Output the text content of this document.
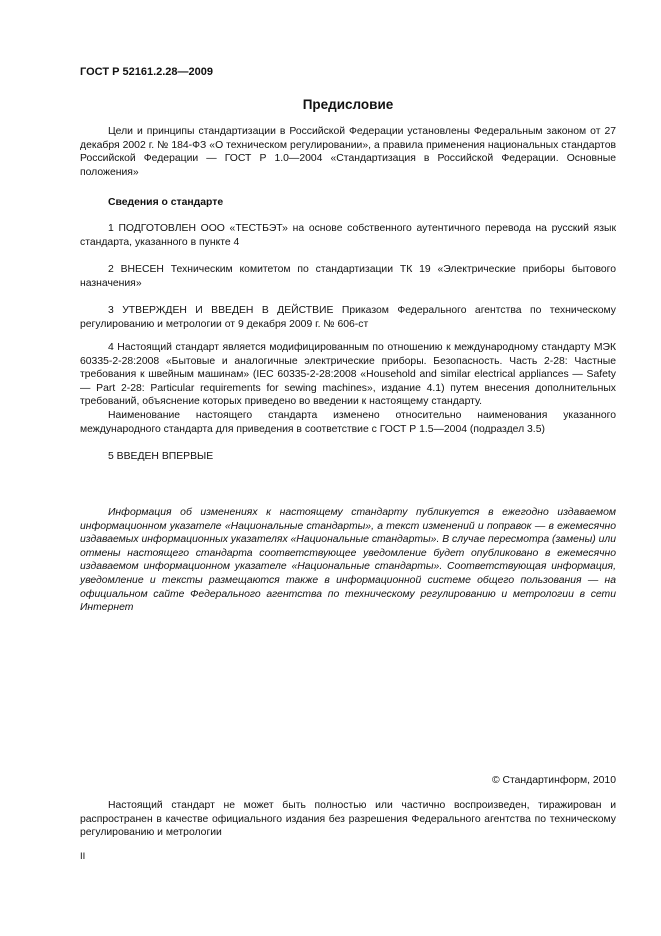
ГОСТ Р 52161.2.28—2009
Предисловие
Цели и принципы стандартизации в Российской Федерации установлены Федеральным законом от 27 декабря 2002 г. № 184-ФЗ «О техническом регулировании», а правила применения национальных стандартов Российской Федерации — ГОСТ Р 1.0—2004 «Стандартизация в Российской Федерации. Основные положения»
Сведения о стандарте
1 ПОДГОТОВЛЕН ООО «ТЕСТБЭТ» на основе собственного аутентичного перевода на русский язык стандарта, указанного в пункте 4
2 ВНЕСЕН Техническим комитетом по стандартизации ТК 19 «Электрические приборы бытового назначения»
3 УТВЕРЖДЕН И ВВЕДЕН В ДЕЙСТВИЕ Приказом Федерального агентства по техническому регулированию и метрологии от 9 декабря 2009 г. № 606-ст
4 Настоящий стандарт является модифицированным по отношению к международному стандарту МЭК 60335-2-28:2008 «Бытовые и аналогичные электрические приборы. Безопасность. Часть 2-28: Частные требования к швейным машинам» (IEC 60335-2-28:2008 «Household and similar electrical appliances — Safety — Part 2-28: Particular requirements for sewing machines», издание 4.1) путем внесения дополнительных требований, объяснение которых приведено во введении к настоящему стандарту.
Наименование настоящего стандарта изменено относительно наименования указанного международного стандарта для приведения в соответствие с ГОСТ Р 1.5—2004 (подраздел 3.5)
5 ВВЕДЕН ВПЕРВЫЕ
Информация об изменениях к настоящему стандарту публикуется в ежегодно издаваемом информационном указателе «Национальные стандарты», а текст изменений и поправок — в ежемесячно издаваемых информационных указателях «Национальные стандарты». В случае пересмотра (замены) или отмены настоящего стандарта соответствующее уведомление будет опубликовано в ежемесячно издаваемом информационном указателе «Национальные стандарты». Соответствующая информация, уведомление и тексты размещаются также в информационной системе общего пользования — на официальном сайте Федерального агентства по техническому регулированию и метрологии в сети Интернет
© Стандартинформ, 2010
Настоящий стандарт не может быть полностью или частично воспроизведен, тиражирован и распространен в качестве официального издания без разрешения Федерального агентства по техническому регулированию и метрологии
II
